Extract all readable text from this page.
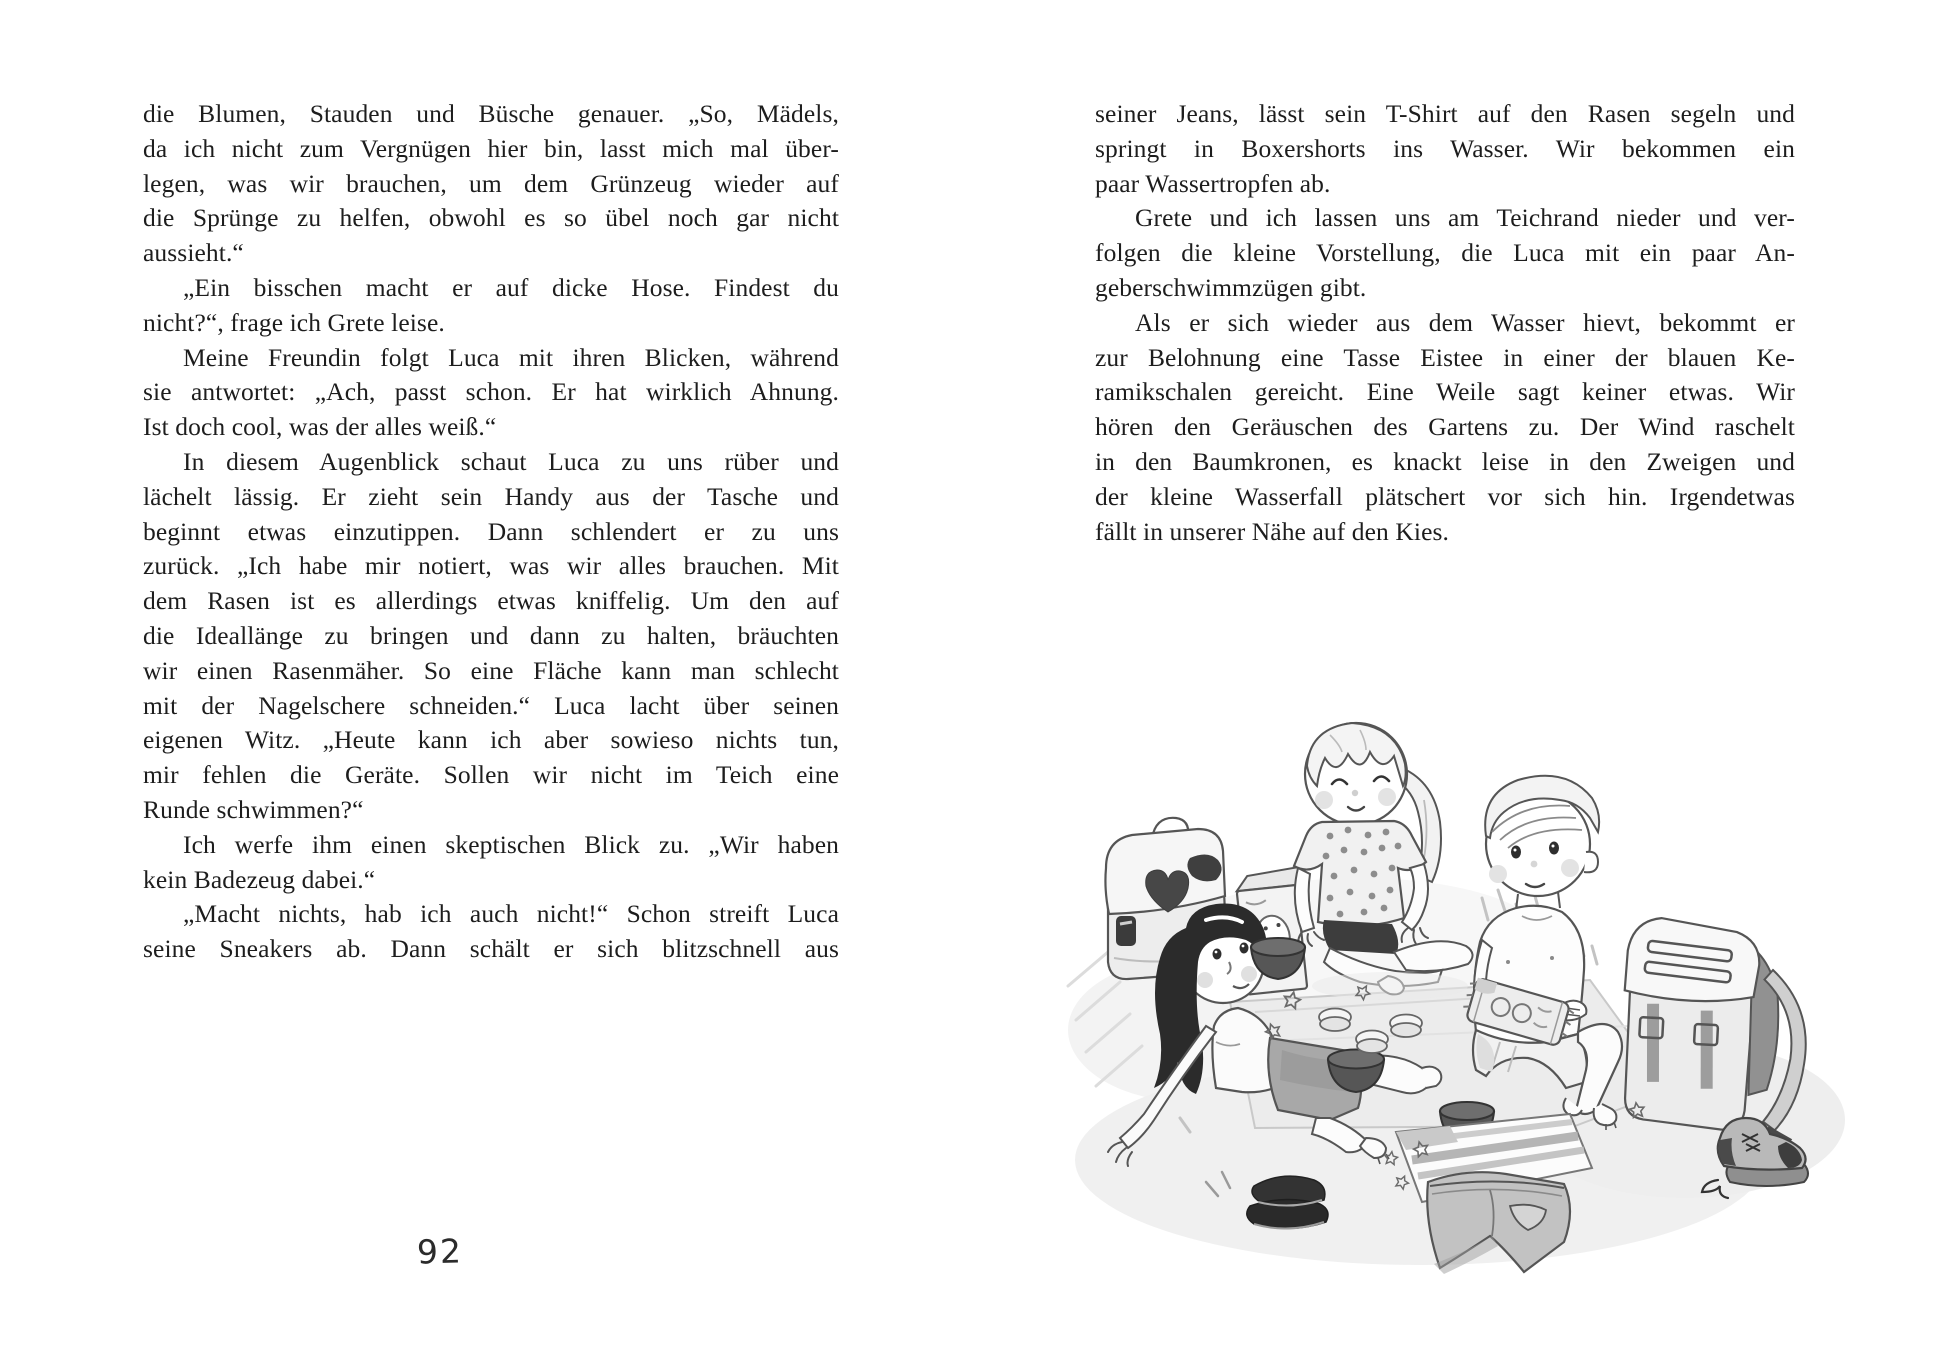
die Blumen, Stauden und Büsche genauer. „So, Mädels,
da ich nicht zum Vergnügen hier bin, lasst mich mal über-
legen, was wir brauchen, um dem Grünzeug wieder auf
die Sprünge zu helfen, obwohl es so übel noch gar nicht
aussieht.“
„Ein bisschen macht er auf dicke Hose. Findest du
nicht?“, frage ich Grete leise.
Meine Freundin folgt Luca mit ihren Blicken, während
sie antwortet: „Ach, passt schon. Er hat wirklich Ahnung.
Ist doch cool, was der alles weiß.“
In diesem Augenblick schaut Luca zu uns rüber und
lächelt lässig. Er zieht sein Handy aus der Tasche und
beginnt etwas einzutippen. Dann schlendert er zu uns
zurück. „Ich habe mir notiert, was wir alles brauchen. Mit
dem Rasen ist es allerdings etwas kniffelig. Um den auf
die Ideallänge zu bringen und dann zu halten, bräuchten
wir einen Rasenmäher. So eine Fläche kann man schlecht
mit der Nagelschere schneiden.“ Luca lacht über seinen
eigenen Witz. „Heute kann ich aber sowieso nichts tun,
mir fehlen die Geräte. Sollen wir nicht im Teich eine
Runde schwimmen?“
Ich werfe ihm einen skeptischen Blick zu. „Wir haben
kein Badezeug dabei.“
„Macht nichts, hab ich auch nicht!“ Schon streift Luca
seine Sneakers ab. Dann schält er sich blitzschnell aus
92
seiner Jeans, lässt sein T-Shirt auf den Rasen segeln und
springt in Boxershorts ins Wasser. Wir bekommen ein
paar Wassertropfen ab.
Grete und ich lassen uns am Teichrand nieder und ver-
folgen die kleine Vorstellung, die Luca mit ein paar An-
geberschwimmzügen gibt.
Als er sich wieder aus dem Wasser hievt, bekommt er
zur Belohnung eine Tasse Eistee in einer der blauen Ke-
ramikschalen gereicht. Eine Weile sagt keiner etwas. Wir
hören den Geräuschen des Gartens zu. Der Wind raschelt
in den Baumkronen, es knackt leise in den Zweigen und
der kleine Wasserfall plätschert vor sich hin. Irgendetwas
fällt in unserer Nähe auf den Kies.
